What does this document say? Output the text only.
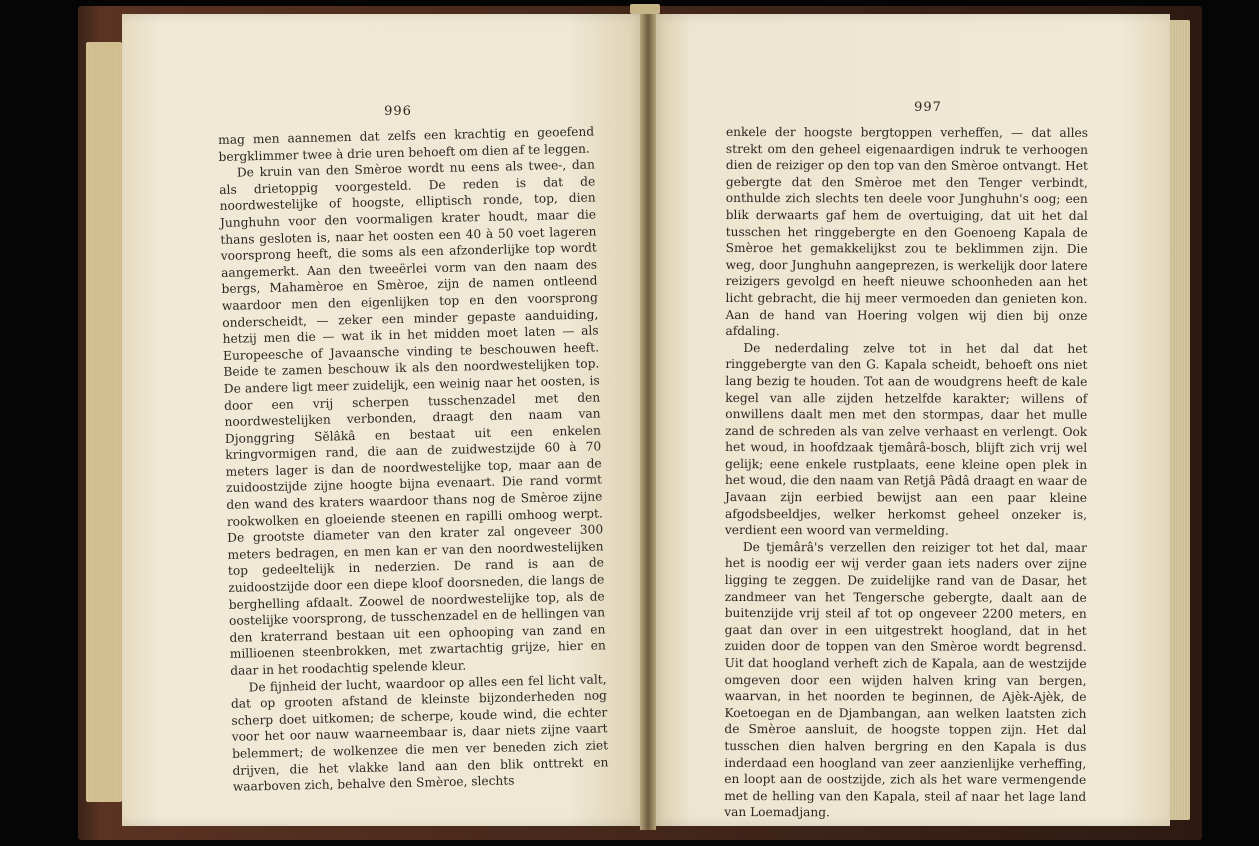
996

mag men aannemen dat zelfs een krachtig en geoefend bergklimmer twee à drie uren behoeft om dien af te leggen.

De kruin van den Smèroe wordt nu eens als twee-, dan als drietoppig voorgesteld. De reden is dat de noordwestelijke of hoogste, elliptisch ronde, top, dien Junghuhn voor den voormaligen krater houdt, maar die thans gesloten is, naar het oosten een 40 à 50 voet lageren voorsprong heeft, die soms als een afzonderlijke top wordt aangemerkt. Aan den tweeërlei vorm van den naam des bergs, Mahamèroe en Smèroe, zijn de namen ontleend waardoor men den eigenlijken top en den voorsprong onderscheidt, — zeker een minder gepaste aanduiding, hetzij men die — wat ik in het midden moet laten — als Europeesche of Javaansche vinding te beschouwen heeft. Beide te zamen beschouw ik als den noordwestelijken top. De andere ligt meer zuidelijk, een weinig naar het oosten, is door een vrij scherpen tusschenzadel met den noordwestelijken verbonden, draagt den naam van Djonggring Sĕlâkâ en bestaat uit een enkelen kringvormigen rand, die aan de zuidwestzijde 60 à 70 meters lager is dan de noordwestelijke top, maar aan de zuidoostzijde zijne hoogte bijna evenaart. Die rand vormt den wand des kraters waardoor thans nog de Smèroe zijne rookwolken en gloeiende steenen en rapilli omhoog werpt. De grootste diameter van den krater zal ongeveer 300 meters bedragen, en men kan er van den noordwestelijken top gedeeltelijk in nederzien. De rand is aan de zuidoostzijde door een diepe kloof doorsneden, die langs de berghelling afdaalt. Zoowel de noordwestelijke top, als de oostelijke voorsprong, de tusschenzadel en de hellingen van den kraterrand bestaan uit een ophooping van zand en millioenen steenbrokken, met zwartachtig grijze, hier en daar in het roodachtig spelende kleur.

De fijnheid der lucht, waardoor op alles een fel licht valt, dat op grooten afstand de kleinste bijzonderheden nog scherp doet uitkomen; de scherpe, koude wind, die echter voor het oor nauw waarneembaar is, daar niets zijne vaart belemmert; de wolkenzee die men ver beneden zich ziet drijven, die het vlakke land aan den blik onttrekt en waarboven zich, behalve den Smèroe, slechts

997

enkele der hoogste bergtoppen verheffen, — dat alles strekt om den geheel eigenaardigen indruk te verhoogen dien de reiziger op den top van den Smèroe ontvangt. Het gebergte dat den Smèroe met den Tenger verbindt, onthulde zich slechts ten deele voor Junghuhn's oog; een blik derwaarts gaf hem de overtuiging, dat uit het dal tusschen het ringgebergte en den Goenoeng Kapala de Smèroe het gemakkelijkst zou te beklimmen zijn. Die weg, door Junghuhn aangeprezen, is werkelijk door latere reizigers gevolgd en heeft nieuwe schoonheden aan het licht gebracht, die hij meer vermoeden dan genieten kon. Aan de hand van Hoering volgen wij dien bij onze afdaling.

De nederdaling zelve tot in het dal dat het ringgebergte van den G. Kapala scheidt, behoeft ons niet lang bezig te houden. Tot aan de woudgrens heeft de kale kegel van alle zijden hetzelfde karakter; willens of onwillens daalt men met den stormpas, daar het mulle zand de schreden als van zelve verhaast en verlengt. Ook het woud, in hoofdzaak tjemârâ-bosch, blijft zich vrij wel gelijk; eene enkele rustplaats, eene kleine open plek in het woud, die den naam van Retjâ Pâdâ draagt en waar de Javaan zijn eerbied bewijst aan een paar kleine afgodsbeeldjes, welker herkomst geheel onzeker is, verdient een woord van vermelding.

De tjemârâ's verzellen den reiziger tot het dal, maar het is noodig eer wij verder gaan iets naders over zijne ligging te zeggen. De zuidelijke rand van de Dasar, het zandmeer van het Tengersche gebergte, daalt aan de buitenzijde vrij steil af tot op ongeveer 2200 meters, en gaat dan over in een uitgestrekt hoogland, dat in het zuiden door de toppen van den Smèroe wordt begrensd. Uit dat hoogland verheft zich de Kapala, aan de westzijde omgeven door een wijden halven kring van bergen, waarvan, in het noorden te beginnen, de Ajèk-Ajèk, de Koetoegan en de Djambangan, aan welken laatsten zich de Smèroe aansluit, de hoogste toppen zijn. Het dal tusschen dien halven bergring en den Kapala is dus inderdaad een hoogland van zeer aanzienlijke verheffing, en loopt aan de oostzijde, zich als het ware vermengende met de helling van den Kapala, steil af naar het lage land van Loemadjang.
